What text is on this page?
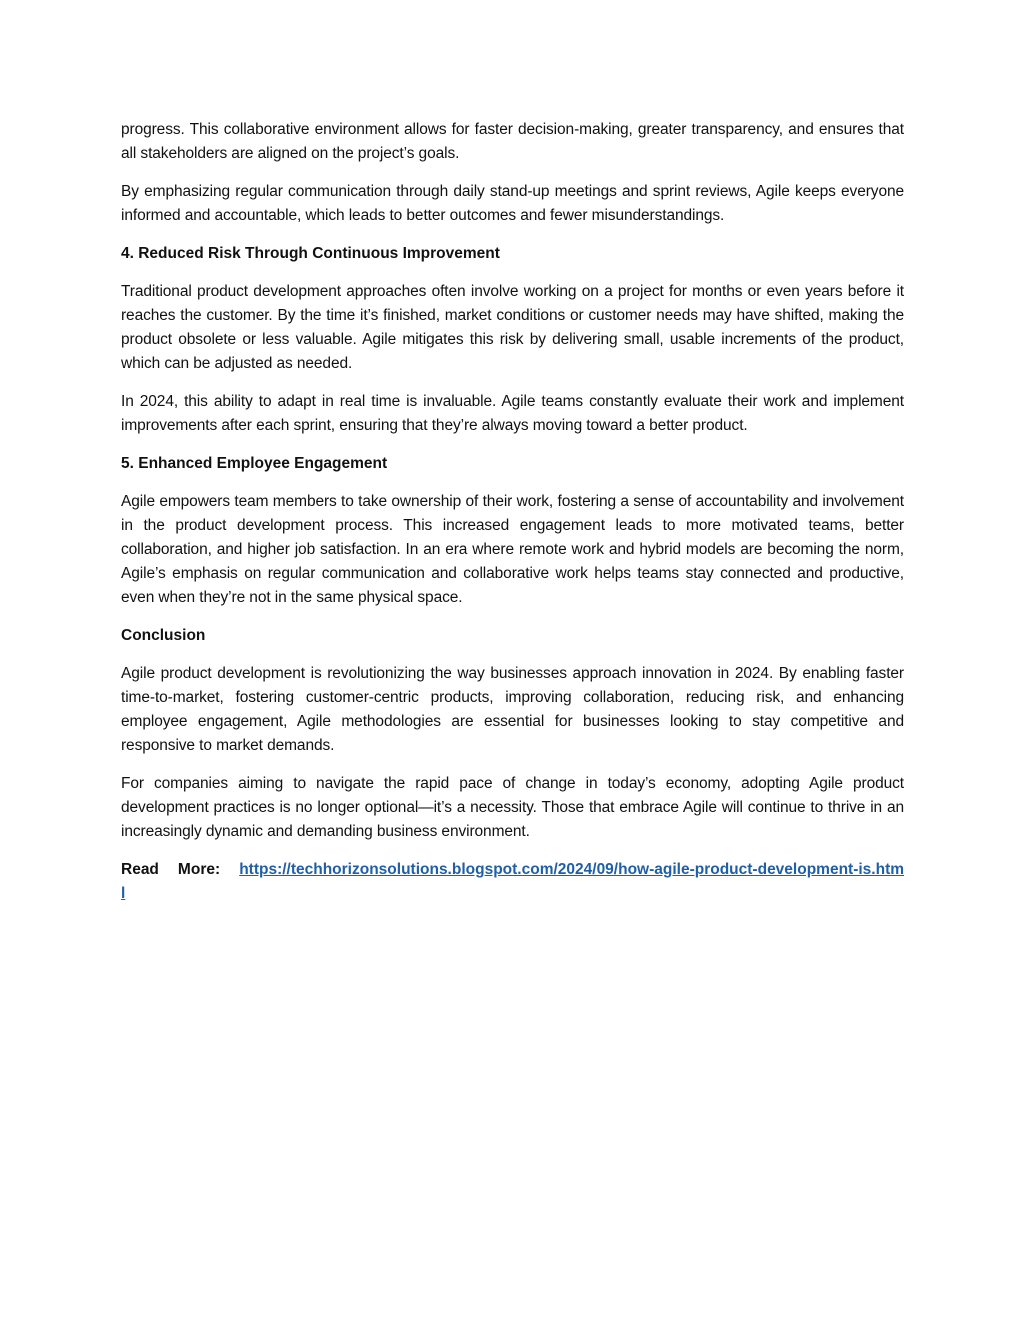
progress. This collaborative environment allows for faster decision-making, greater transparency, and ensures that all stakeholders are aligned on the project’s goals.

By emphasizing regular communication through daily stand-up meetings and sprint reviews, Agile keeps everyone informed and accountable, which leads to better outcomes and fewer misunderstandings.

4. Reduced Risk Through Continuous Improvement

Traditional product development approaches often involve working on a project for months or even years before it reaches the customer. By the time it’s finished, market conditions or customer needs may have shifted, making the product obsolete or less valuable. Agile mitigates this risk by delivering small, usable increments of the product, which can be adjusted as needed.

In 2024, this ability to adapt in real time is invaluable. Agile teams constantly evaluate their work and implement improvements after each sprint, ensuring that they’re always moving toward a better product.

5. Enhanced Employee Engagement

Agile empowers team members to take ownership of their work, fostering a sense of accountability and involvement in the product development process. This increased engagement leads to more motivated teams, better collaboration, and higher job satisfaction. In an era where remote work and hybrid models are becoming the norm, Agile’s emphasis on regular communication and collaborative work helps teams stay connected and productive, even when they’re not in the same physical space.

Conclusion

Agile product development is revolutionizing the way businesses approach innovation in 2024. By enabling faster time-to-market, fostering customer-centric products, improving collaboration, reducing risk, and enhancing employee engagement, Agile methodologies are essential for businesses looking to stay competitive and responsive to market demands.

For companies aiming to navigate the rapid pace of change in today’s economy, adopting Agile product development practices is no longer optional—it’s a necessity. Those that embrace Agile will continue to thrive in an increasingly dynamic and demanding business environment.

Read More: https://techhorizonsolutions.blogspot.com/2024/09/how-agile-product-development-is.html
